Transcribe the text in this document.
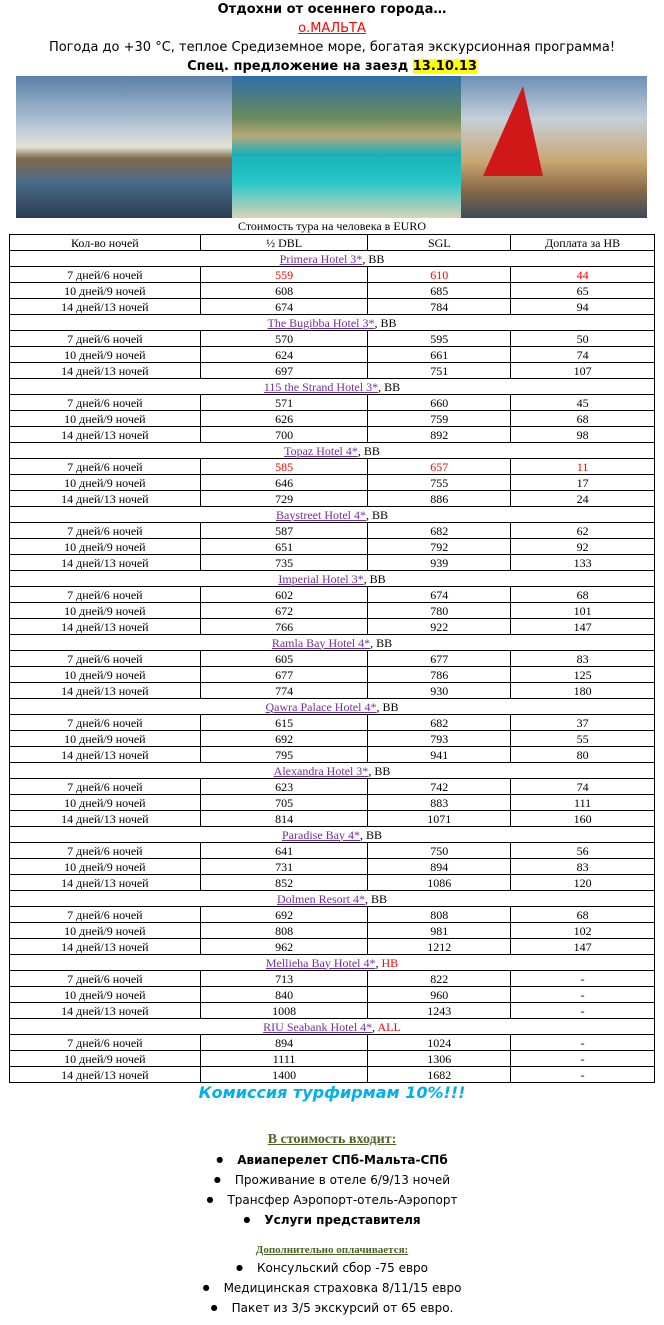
Отдохни от осеннего города…
о.МАЛЬТА
Погода до +30 °С, теплое Средиземное море, богатая экскурсионная программа!
Спец. предложение на заезд 13.10.13
Стоимость тура на человека в EURO
Кол-во ночей	½ DBL	SGL	Доплата за HB
Primera Hotel 3*, BB			
7 дней/6 ночей	559	610	44
10 дней/9 ночей	608	685	65
14 дней/13 ночей	674	784	94
The Bugibba Hotel 3*, BB			
7 дней/6 ночей	570	595	50
10 дней/9 ночей	624	661	74
14 дней/13 ночей	697	751	107
115 the Strand Hotel 3*, BB			
7 дней/6 ночей	571	660	45
10 дней/9 ночей	626	759	68
14 дней/13 ночей	700	892	98
Topaz Hotel 4*, BB			
7 дней/6 ночей	585	657	11
10 дней/9 ночей	646	755	17
14 дней/13 ночей	729	886	24
Baystreet Hotel 4*, BB			
7 дней/6 ночей	587	682	62
10 дней/9 ночей	651	792	92
14 дней/13 ночей	735	939	133
Imperial Hotel 3*, BB			
7 дней/6 ночей	602	674	68
10 дней/9 ночей	672	780	101
14 дней/13 ночей	766	922	147
Ramla Bay Hotel 4*, BB			
7 дней/6 ночей	605	677	83
10 дней/9 ночей	677	786	125
14 дней/13 ночей	774	930	180
Qawra Palace Hotel 4*, BB			
7 дней/6 ночей	615	682	37
10 дней/9 ночей	692	793	55
14 дней/13 ночей	795	941	80
Alexandra Hotel 3*, BB			
7 дней/6 ночей	623	742	74
10 дней/9 ночей	705	883	111
14 дней/13 ночей	814	1071	160
Paradise Bay 4*, BB			
7 дней/6 ночей	641	750	56
10 дней/9 ночей	731	894	83
14 дней/13 ночей	852	1086	120
Dolmen Resort 4*, BB			
7 дней/6 ночей	692	808	68
10 дней/9 ночей	808	981	102
14 дней/13 ночей	962	1212	147
Mellieha Bay Hotel 4*, HB			
7 дней/6 ночей	713	822	-
10 дней/9 ночей	840	960	-
14 дней/13 ночей	1008	1243	-
RIU Seabank Hotel 4*, ALL			
7 дней/6 ночей	894	1024	-
10 дней/9 ночей	1111	1306	-
14 дней/13 ночей	1400	1682	-
Комиссия турфирмам 10%!!!
В стоимость входит:
● Авиаперелет СПб-Мальта-СПб
● Проживание в отеле 6/9/13 ночей
● Трансфер Аэропорт-отель-Аэропорт
● Услуги представителя
Дополнительно оплачивается:
● Консульский сбор -75 евро
● Медицинская страховка 8/11/15 евро
● Пакет из 3/5 экскурсий от 65 евро.
